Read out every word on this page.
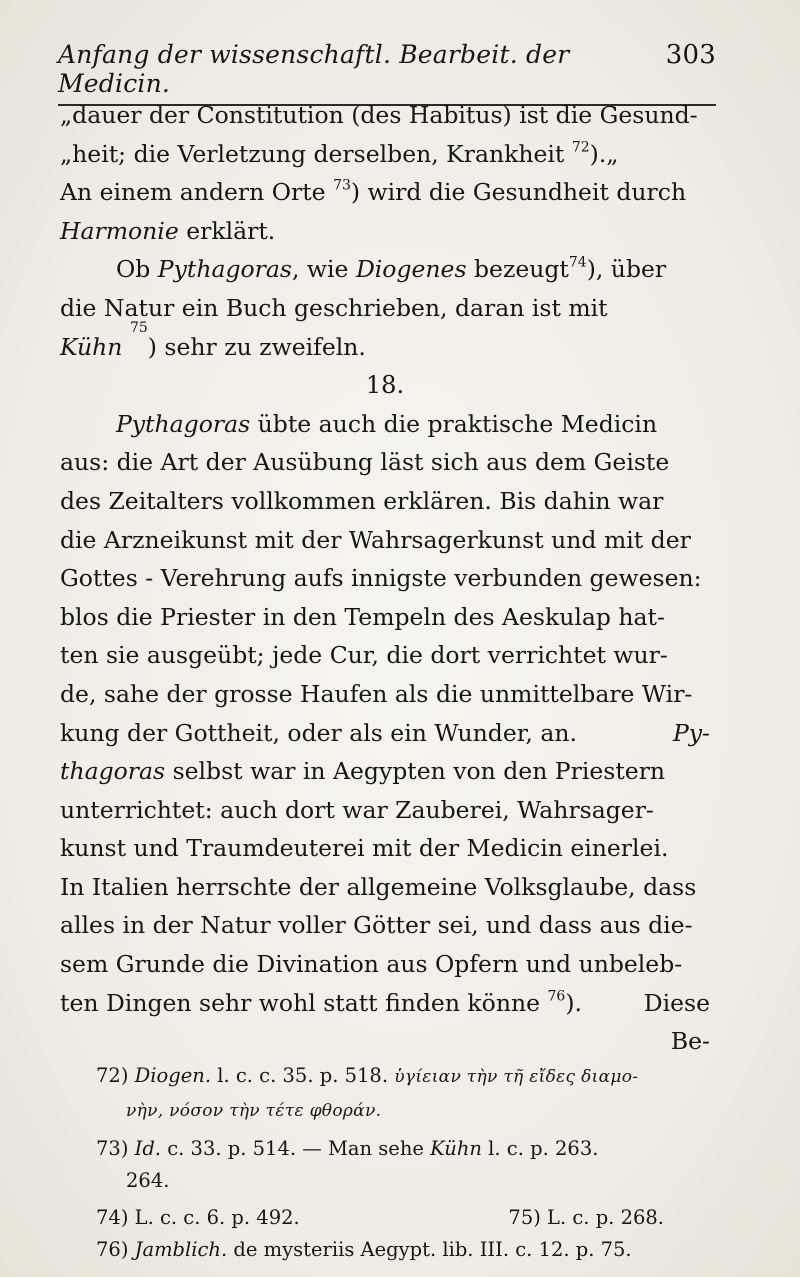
Anfang der wissenschaftl. Bearbeit. der Medicin.
303
„dauer der Constitution (des Habitus) ist die Gesund-
„heit; die Verletzung derselben, Krankheit $^{72}$).„
An einem andern Orte $^{73}$) wird die Gesundheit durch
Harmonie
erklärt.
Ob Pythagoras, wie Diogenes bezeugt$^{74}$), über
die Natur ein Buch geschrieben, daran ist mit
Kühn

75
) sehr zu zweifeln.
18.
Pythagoras übte auch die praktische Medicin
aus: die Art der Ausübung läst sich aus dem Geiste
des Zeitalters vollkommen erklären. Bis dahin war
die Arzneikunst mit der Wahrsagerkunst und mit der
Gottes - Verehrung aufs innigste verbunden gewesen:
blos die Priester in den Tempeln des Aeskulap hat-
ten sie ausgeübt; jede Cur, die dort verrichtet wur-
de, sahe der grosse Haufen als die unmittelbare Wir-
kung der Gottheit, oder als ein Wunder, an.	Py-
thagoras selbst war in Aegypten von den Priestern
unterrichtet: auch dort war Zauberei, Wahrsager-
kunst und Traumdeuterei mit der Medicin einerlei.
In Italien herrschte der allgemeine Volksglaube, dass
alles in der Natur voller Götter sei, und dass aus die-
sem Grunde die Divination aus Opfern und unbeleb-
ten Dingen sehr wohl statt finden könne $^{76}$).	Diese
Be-
72) Diogen. l. c. c. 35. p. 518. ὑγίειαν τὴν τῆ εἴδες διαμο-
νὴν, νόσον τὴν τέτε φθοράν.
73) Id. c. 33. p. 514. — Man sehe Kühn l. c. p. 263.
264.
74) L. c. c. 6. p. 492.	75) L. c. p. 268.
76) Jamblich. de mysteriis Aegypt. lib. III. c. 12. p. 75.
